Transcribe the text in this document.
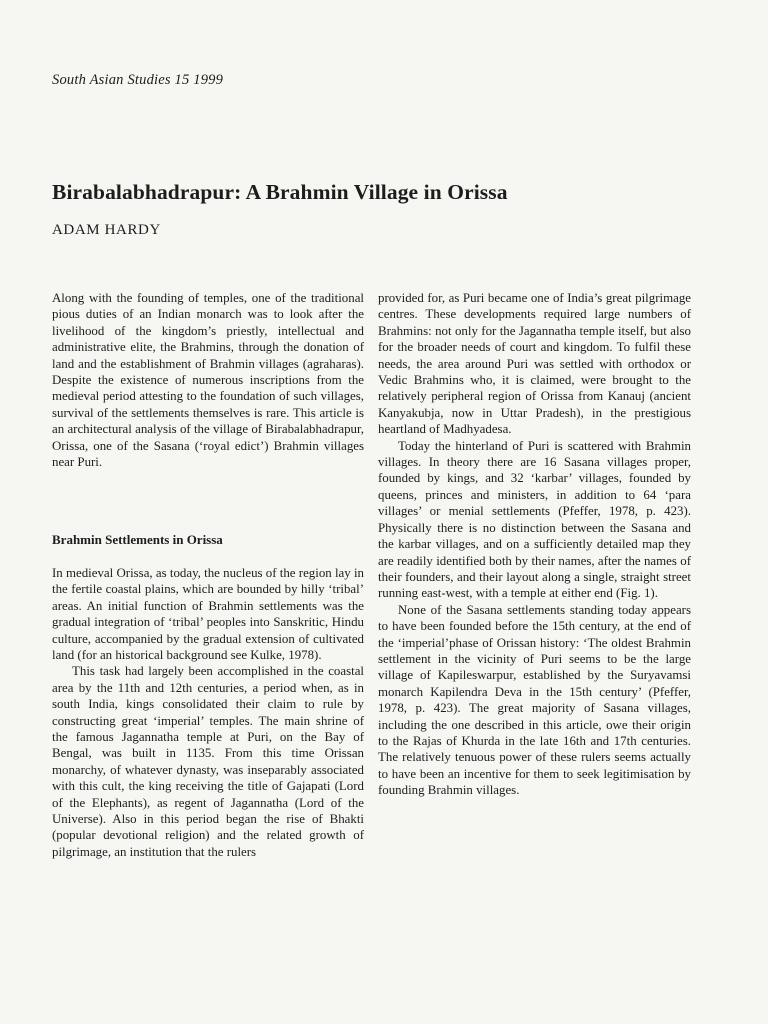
South Asian Studies 15 1999
Birabalabhadrapur: A Brahmin Village in Orissa
ADAM HARDY

Along with the founding of temples, one of the traditional pious duties of an Indian monarch was to look after the livelihood of the kingdom’s priestly, intellectual and administrative elite, the Brahmins, through the donation of land and the establishment of Brahmin villages (agraharas). Despite the existence of numerous inscriptions from the medieval period attesting to the foundation of such villages, survival of the settlements themselves is rare. This article is an architectural analysis of the village of Birabalabhadrapur, Orissa, one of the Sasana (‘royal edict’) Brahmin villages near Puri.

Brahmin Settlements in Orissa

In medieval Orissa, as today, the nucleus of the region lay in the fertile coastal plains, which are bounded by hilly ‘tribal’ areas. An initial function of Brahmin settlements was the gradual integration of ‘tribal’ peoples into Sanskritic, Hindu culture, accompanied by the gradual extension of cultivated land (for an historical background see Kulke, 1978).

This task had largely been accomplished in the coastal area by the 11th and 12th centuries, a period when, as in south India, kings consolidated their claim to rule by constructing great ‘imperial’ temples. The main shrine of the famous Jagannatha temple at Puri, on the Bay of Bengal, was built in 1135. From this time Orissan monarchy, of whatever dynasty, was inseparably associated with this cult, the king receiving the title of Gajapati (Lord of the Elephants), as regent of Jagannatha (Lord of the Universe). Also in this period began the rise of Bhakti (popular devotional religion) and the related growth of pilgrimage, an institution that the rulers

provided for, as Puri became one of India’s great pilgrimage centres. These developments required large numbers of Brahmins: not only for the Jagannatha temple itself, but also for the broader needs of court and kingdom. To fulfil these needs, the area around Puri was settled with orthodox or Vedic Brahmins who, it is claimed, were brought to the relatively peripheral region of Orissa from Kanauj (ancient Kanyakubja, now in Uttar Pradesh), in the prestigious heartland of Madhyadesa.

Today the hinterland of Puri is scattered with Brahmin villages. In theory there are 16 Sasana villages proper, founded by kings, and 32 ‘karbar’ villages, founded by queens, princes and ministers, in addition to 64 ‘para villages’ or menial settlements (Pfeffer, 1978, p. 423). Physically there is no distinction between the Sasana and the karbar villages, and on a sufficiently detailed map they are readily identified both by their names, after the names of their founders, and their layout along a single, straight street running east-west, with a temple at either end (Fig. 1).

None of the Sasana settlements standing today appears to have been founded before the 15th century, at the end of the ‘imperial’phase of Orissan history: ‘The oldest Brahmin settlement in the vicinity of Puri seems to be the large village of Kapileswarpur, established by the Suryavamsi monarch Kapilendra Deva in the 15th century’ (Pfeffer, 1978, p. 423). The great majority of Sasana villages, including the one described in this article, owe their origin to the Rajas of Khurda in the late 16th and 17th centuries. The relatively tenuous power of these rulers seems actually to have been an incentive for them to seek legitimisation by founding Brahmin villages.
